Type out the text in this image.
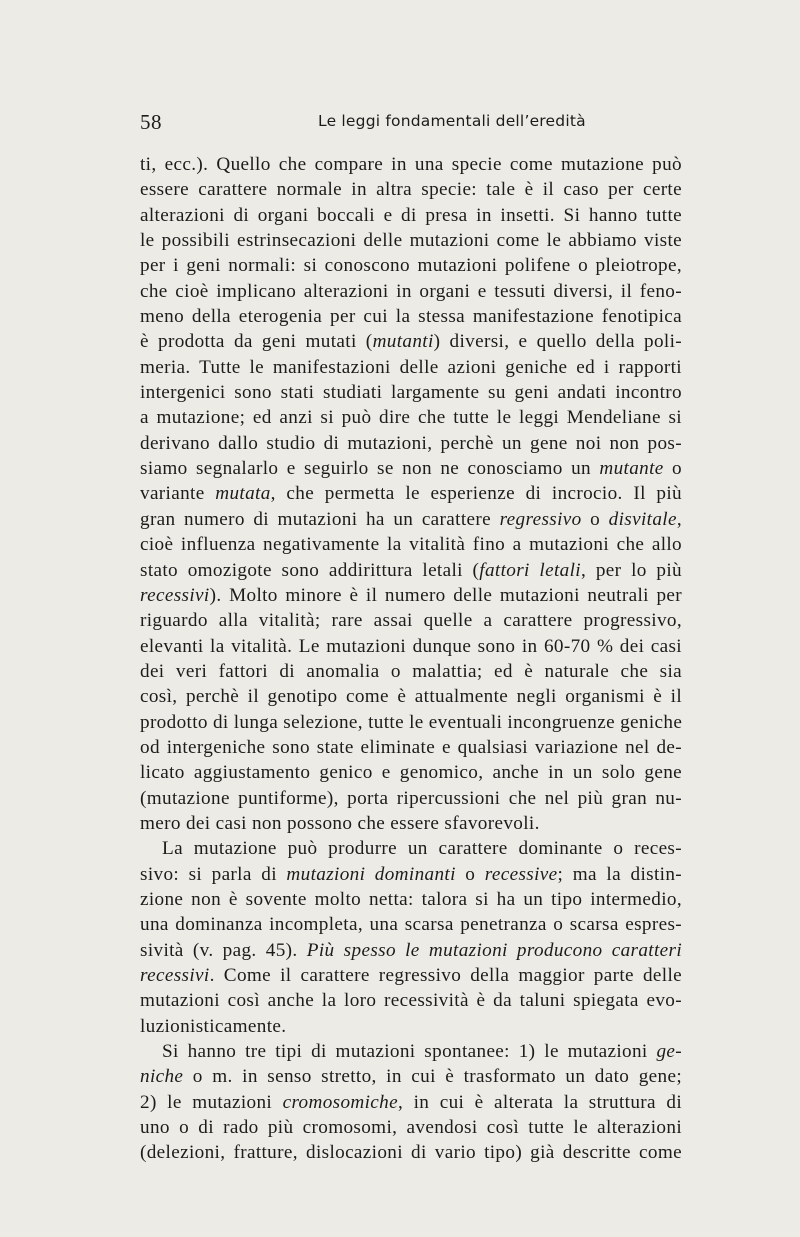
58	Le leggi fondamentali dell’eredità
ti, ecc.). Quello che compare in una specie come mutazione può
essere carattere normale in altra specie: tale è il caso per certe
alterazioni di organi boccali e di presa in insetti. Si hanno tutte
le possibili estrinsecazioni delle mutazioni come le abbiamo viste
per i geni normali: si conoscono mutazioni polifene o pleiotrope,
che cioè implicano alterazioni in organi e tessuti diversi, il feno-
meno della eterogenia per cui la stessa manifestazione fenotipica
è prodotta da geni mutati (mutanti) diversi, e quello della poli-
meria. Tutte le manifestazioni delle azioni geniche ed i rapporti
intergenici sono stati studiati largamente su geni andati incontro
a mutazione; ed anzi si può dire che tutte le leggi Mendeliane si
derivano dallo studio di mutazioni, perchè un gene noi non pos-
siamo segnalarlo e seguirlo se non ne conosciamo un mutante o
variante mutata, che permetta le esperienze di incrocio. Il più
gran numero di mutazioni ha un carattere regressivo o disvitale,
cioè influenza negativamente la vitalità fino a mutazioni che allo
stato omozigote sono addirittura letali (fattori letali, per lo più
recessivi). Molto minore è il numero delle mutazioni neutrali per
riguardo alla vitalità; rare assai quelle a carattere progressivo,
elevanti la vitalità. Le mutazioni dunque sono in 60-70 % dei casi
dei veri fattori di anomalia o malattia; ed è naturale che sia
così, perchè il genotipo come è attualmente negli organismi è il
prodotto di lunga selezione, tutte le eventuali incongruenze geniche
od intergeniche sono state eliminate e qualsiasi variazione nel de-
licato aggiustamento genico e genomico, anche in un solo gene
(mutazione puntiforme), porta ripercussioni che nel più gran nu-
mero dei casi non possono che essere sfavorevoli.
La mutazione può produrre un carattere dominante o reces-
sivo: si parla di mutazioni dominanti o recessive; ma la distin-
zione non è sovente molto netta: talora si ha un tipo intermedio,
una dominanza incompleta, una scarsa penetranza o scarsa espres-
sività (v. pag. 45). Più spesso le mutazioni producono caratteri
recessivi. Come il carattere regressivo della maggior parte delle
mutazioni così anche la loro recessività è da taluni spiegata evo-
luzionisticamente.
Si hanno tre tipi di mutazioni spontanee: 1) le mutazioni ge-
niche o m. in senso stretto, in cui è trasformato un dato gene;
2) le mutazioni cromosomiche, in cui è alterata la struttura di
uno o di rado più cromosomi, avendosi così tutte le alterazioni
(delezioni, fratture, dislocazioni di vario tipo) già descritte come
